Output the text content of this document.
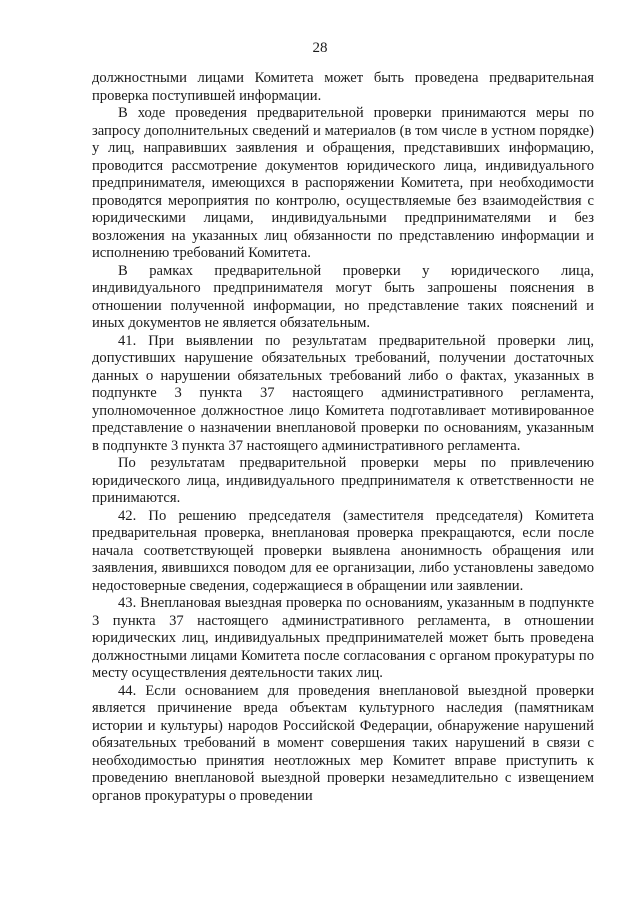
28

должностными лицами Комитета может быть проведена предварительная проверка поступившей информации.

В ходе проведения предварительной проверки принимаются меры по запросу дополнительных сведений и материалов (в том числе в устном порядке) у лиц, направивших заявления и обращения, представивших информацию, проводится рассмотрение документов юридического лица, индивидуального предпринимателя, имеющихся в распоряжении Комитета, при необходимости проводятся мероприятия по контролю, осуществляемые без взаимодействия с юридическими лицами, индивидуальными предпринимателями и без возложения на указанных лиц обязанности по представлению информации и исполнению требований Комитета.

В рамках предварительной проверки у юридического лица, индивидуального предпринимателя могут быть запрошены пояснения в отношении полученной информации, но представление таких пояснений и иных документов не является обязательным.

41. При выявлении по результатам предварительной проверки лиц, допустивших нарушение обязательных требований, получении достаточных данных о нарушении обязательных требований либо о фактах, указанных в подпункте 3 пункта 37 настоящего административного регламента, уполномоченное должностное лицо Комитета подготавливает мотивированное представление о назначении внеплановой проверки по основаниям, указанным в подпункте 3 пункта 37 настоящего административного регламента.

По результатам предварительной проверки меры по привлечению юридического лица, индивидуального предпринимателя к ответственности не принимаются.

42. По решению председателя (заместителя председателя) Комитета предварительная проверка, внеплановая проверка прекращаются, если после начала соответствующей проверки выявлена анонимность обращения или заявления, явившихся поводом для ее организации, либо установлены заведомо недостоверные сведения, содержащиеся в обращении или заявлении.

43. Внеплановая выездная проверка по основаниям, указанным в подпункте 3 пункта 37 настоящего административного регламента, в отношении юридических лиц, индивидуальных предпринимателей может быть проведена должностными лицами Комитета после согласования с органом прокуратуры по месту осуществления деятельности таких лиц.

44. Если основанием для проведения внеплановой выездной проверки является причинение вреда объектам культурного наследия (памятникам истории и культуры) народов Российской Федерации, обнаружение нарушений обязательных требований в момент совершения таких нарушений в связи с необходимостью принятия неотложных мер Комитет вправе приступить к проведению внеплановой выездной проверки незамедлительно с извещением органов прокуратуры о проведении
